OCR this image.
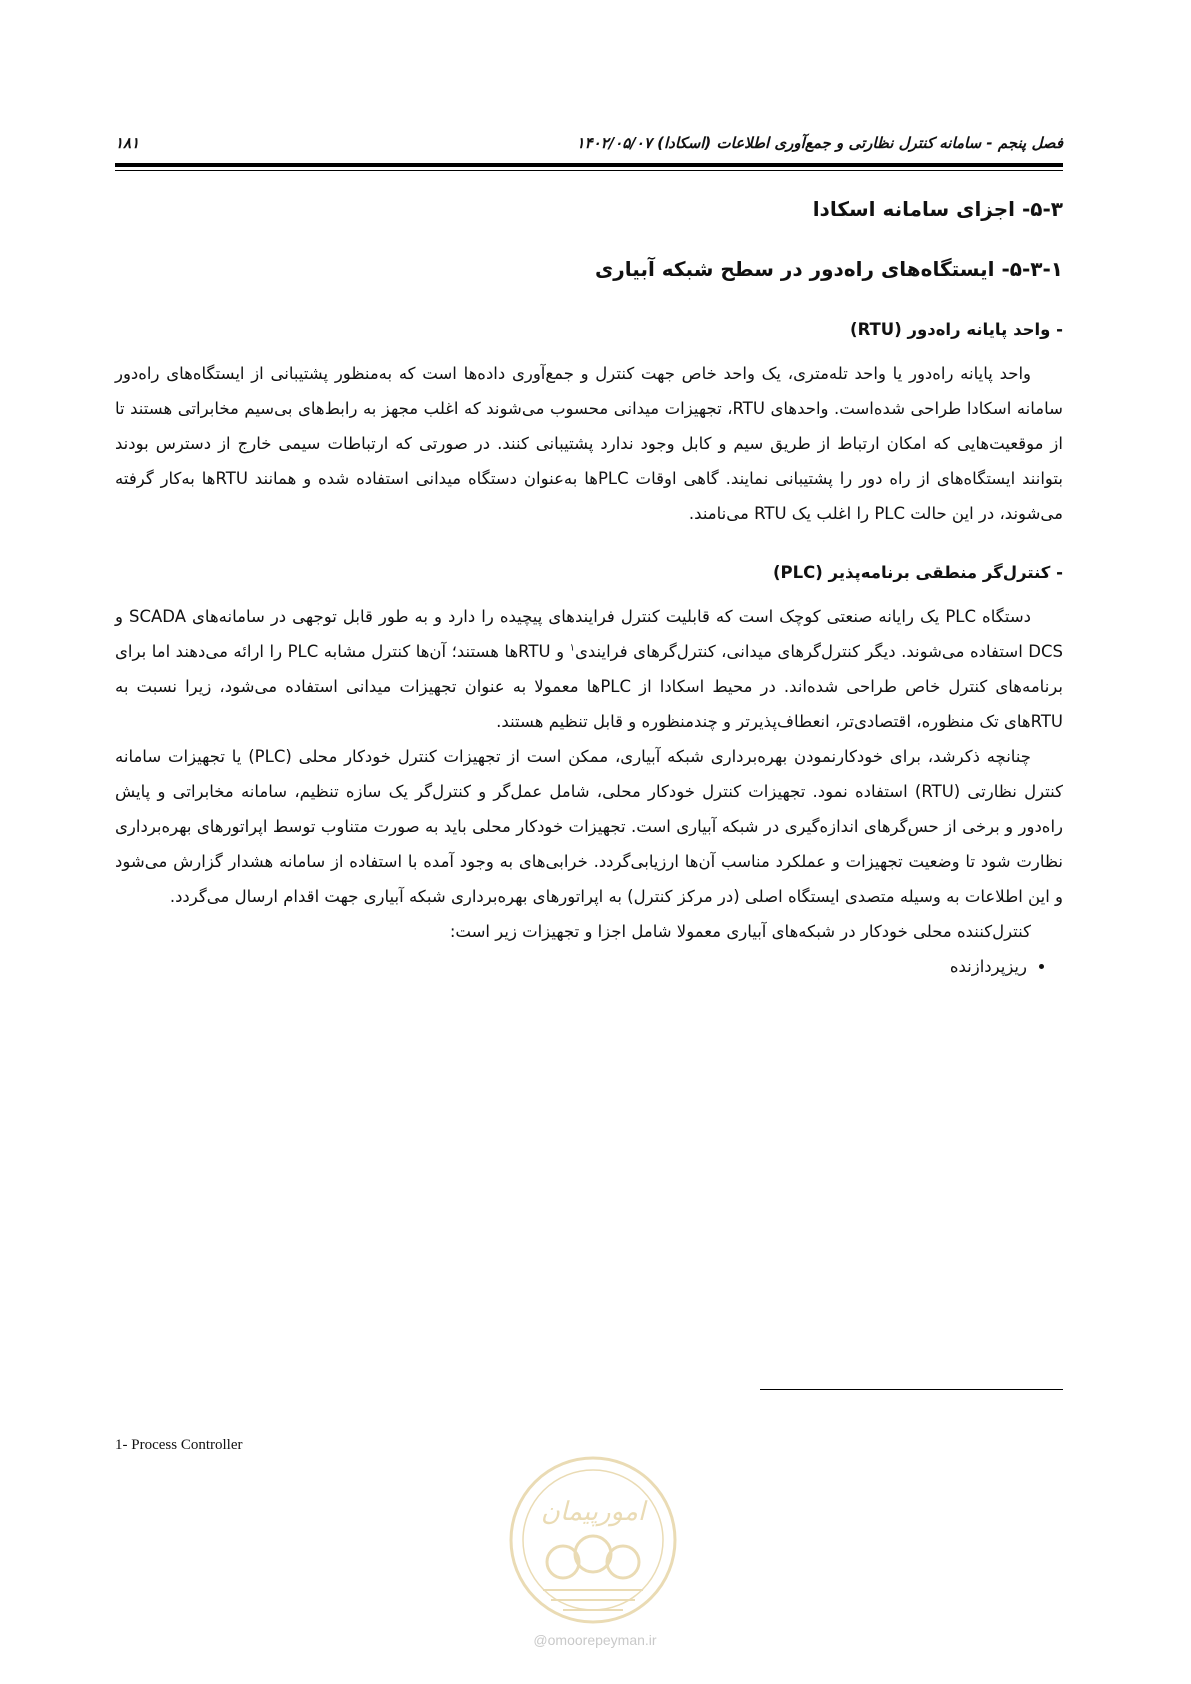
فصل پنجم - سامانه کنترل نظارتی و جمع‌آوری اطلاعات (اسکادا) ۱۴۰۲/۰۵/۰۷
۱۸۱
۵-۳- اجزای سامانه اسکادا
۵-۳-۱- ایستگاه‌های راه‌دور در سطح شبکه آبیاری
- واحد پایانه راه‌دور (RTU)

واحد پایانه راه‌دور یا واحد تله‌متری، یک واحد خاص جهت کنترل و جمع‌آوری داده‌ها است که به‌منظور پشتیبانی از ایستگاه‌های راه‌دور سامانه اسکادا طراحی شده‌است. واحدهای RTU، تجهیزات میدانی محسوب می‌شوند که اغلب مجهز به رابط‌های بی‌سیم مخابراتی هستند تا از موقعیت‌هایی که امکان ارتباط از طریق سیم و کابل وجود ندارد پشتیبانی کنند. در صورتی که ارتباطات سیمی خارج از دسترس بودند بتوانند ایستگاه‌های از راه دور را پشتیبانی نمایند. گاهی اوقات PLCها به‌عنوان دستگاه میدانی استفاده شده و همانند RTUها به‌کار گرفته می‌شوند، در این حالت PLC را اغلب یک RTU می‌نامند.

- کنترل‌گر منطقی برنامه‌پذیر (PLC)

دستگاه PLC یک رایانه صنعتی کوچک است که قابلیت کنترل فرایندهای پیچیده را دارد و به طور قابل توجهی در سامانه‌های SCADA و DCS استفاده می‌شوند. دیگر کنترل‌گرهای میدانی، کنترل‌گرهای فرایندی$^۱$ و RTUها هستند؛ آن‌ها کنترل مشابه PLC را ارائه می‌دهند اما برای برنامه‌های کنترل خاص طراحی شده‌اند. در محیط اسکادا از PLCها معمولا به عنوان تجهیزات میدانی استفاده می‌شود، زیرا نسبت به RTUهای تک منظوره، اقتصادی‌تر، انعطاف‌پذیرتر و چندمنظوره و قابل تنظیم هستند.

چنانچه ذکرشد، برای خودکارنمودن بهره‌برداری شبکه آبیاری، ممکن است از تجهیزات کنترل خودکار محلی (PLC) یا تجهیزات سامانه کنترل نظارتی (RTU) استفاده نمود. تجهیزات کنترل خودکار محلی، شامل عمل‌گر و کنترل‌گر یک سازه تنظیم، سامانه مخابراتی و پایش راه‌دور و برخی از حس‌گرهای اندازه‌گیری در شبکه آبیاری است. تجهیزات خودکار محلی باید به صورت متناوب توسط اپراتورهای بهره‌برداری نظارت شود تا وضعیت تجهیزات و عملکرد مناسب آن‌ها ارزیابی‌گردد. خرابی‌های به وجود آمده با استفاده از سامانه هشدار گزارش می‌شود و این اطلاعات به وسیله متصدی ایستگاه اصلی (در مرکز کنترل) به اپراتورهای بهره‌برداری شبکه آبیاری جهت اقدام ارسال می‌گردد.

کنترل‌کننده محلی خودکار در شبکه‌های آبیاری معمولا شامل اجزا و تجهیزات زیر است:

• ریزپردازنده
1- Process Controller
امورپیمان
@omoorepeyman.ir
